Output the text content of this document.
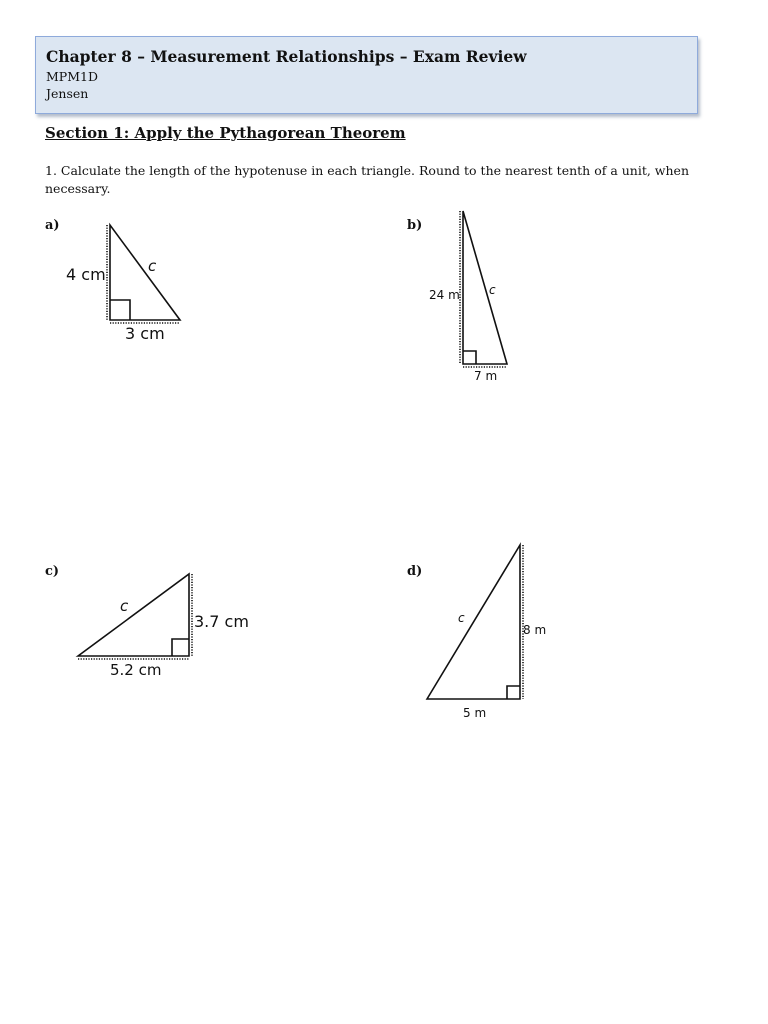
Chapter 8 – Measurement Relationships – Exam Review
MPM1D
Jensen
Section 1: Apply the Pythagorean Theorem
1. Calculate the length of the hypotenuse in each triangle. Round to the nearest tenth of a unit, when necessary.
a)
4 cm	c
3 cm
b)
24 m c
7 m
c)
c
3.7 cm
5.2 cm
d)
c
8 m
5 m
